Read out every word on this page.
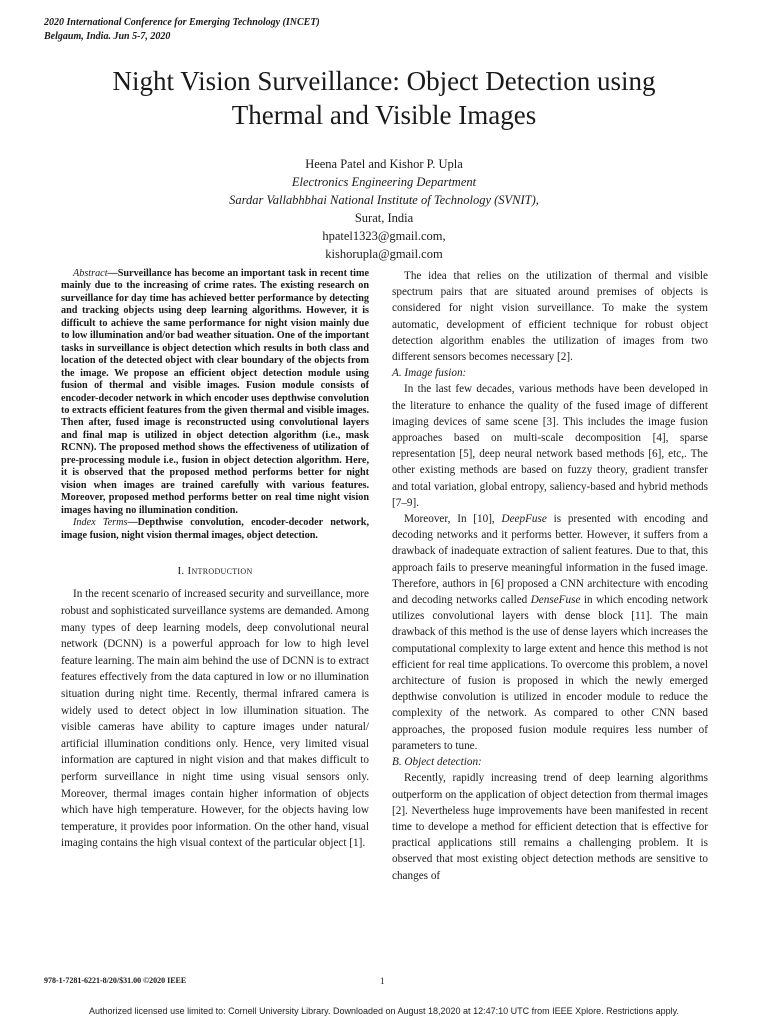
2020 International Conference for Emerging Technology (INCET)
Belgaum, India. Jun 5-7, 2020
Night Vision Surveillance: Object Detection using
Thermal and Visible Images
Heena Patel and Kishor P. Upla
Electronics Engineering Department
Sardar Vallabhbhai National Institute of Technology (SVNIT),
Surat, India
hpatel1323@gmail.com,
kishorupla@gmail.com

Abstract—Surveillance has become an important task in recent time mainly due to the increasing of crime rates. The existing research on surveillance for day time has achieved better performance by detecting and tracking objects using deep learning algorithms. However, it is difficult to achieve the same performance for night vision mainly due to low illumination and/or bad weather situation. One of the important tasks in surveillance is object detection which results in both class and location of the detected object with clear boundary of the objects from the image. We propose an efficient object detection module using fusion of thermal and visible images. Fusion module consists of encoder-decoder network in which encoder uses depthwise convolution to extracts efficient features from the given thermal and visible images. Then after, fused image is reconstructed using convolutional layers and final map is utilized in object detection algorithm (i.e., mask RCNN). The proposed method shows the effectiveness of utilization of pre-processing module i.e., fusion in object detection algorithm. Here, it is observed that the proposed method performs better for night vision when images are trained carefully with various features. Moreover, proposed method performs better on real time night vision images having no illumination condition.

Index Terms—Depthwise convolution, encoder-decoder network, image fusion, night vision thermal images, object detection.

I. Introduction

In the recent scenario of increased security and surveillance, more robust and sophisticated surveillance systems are demanded. Among many types of deep learning models, deep convolutional neural network (DCNN) is a powerful approach for low to high level feature learning. The main aim behind the use of DCNN is to extract features effectively from the data captured in low or no illumination situation during night time. Recently, thermal infrared camera is widely used to detect object in low illumination situation. The visible cameras have ability to capture images under natural/ artificial illumination conditions only. Hence, very limited visual information are captured in night vision and that makes difficult to perform surveillance in night time using visual sensors only. Moreover, thermal images contain higher information of objects which have high temperature. However, for the objects having low temperature, it provides poor information. On the other hand, visual imaging contains the high visual context of the particular object [1].

The idea that relies on the utilization of thermal and visible spectrum pairs that are situated around premises of objects is considered for night vision surveillance. To make the system automatic, development of efficient technique for robust object detection algorithm enables the utilization of images from two different sensors becomes necessary [2].

A. Image fusion:

In the last few decades, various methods have been developed in the literature to enhance the quality of the fused image of different imaging devices of same scene [3]. This includes the image fusion approaches based on multi-scale decomposition [4], sparse representation [5], deep neural network based methods [6], etc,. The other existing methods are based on fuzzy theory, gradient transfer and total variation, global entropy, saliency-based and hybrid methods [7–9].

Moreover, In [10], DeepFuse is presented with encoding and decoding networks and it performs better. However, it suffers from a drawback of inadequate extraction of salient features. Due to that, this approach fails to preserve meaningful information in the fused image. Therefore, authors in [6] proposed a CNN architecture with encoding and decoding networks called DenseFuse in which encoding network utilizes convolutional layers with dense block [11]. The main drawback of this method is the use of dense layers which increases the computational complexity to large extent and hence this method is not efficient for real time applications. To overcome this problem, a novel architecture of fusion is proposed in which the newly emerged depthwise convolution is utilized in encoder module to reduce the complexity of the network. As compared to other CNN based approaches, the proposed fusion module requires less number of parameters to tune.

B. Object detection:

Recently, rapidly increasing trend of deep learning algorithms outperform on the application of object detection from thermal images [2]. Nevertheless huge improvements have been manifested in recent time to develope a method for efficient detection that is effective for practical applications still remains a challenging problem. It is observed that most existing object detection methods are sensitive to changes of

978-1-7281-6221-8/20/$31.00 ©2020 IEEE	1
Authorized licensed use limited to: Cornell University Library. Downloaded on August 18,2020 at 12:47:10 UTC from IEEE Xplore. Restrictions apply.
